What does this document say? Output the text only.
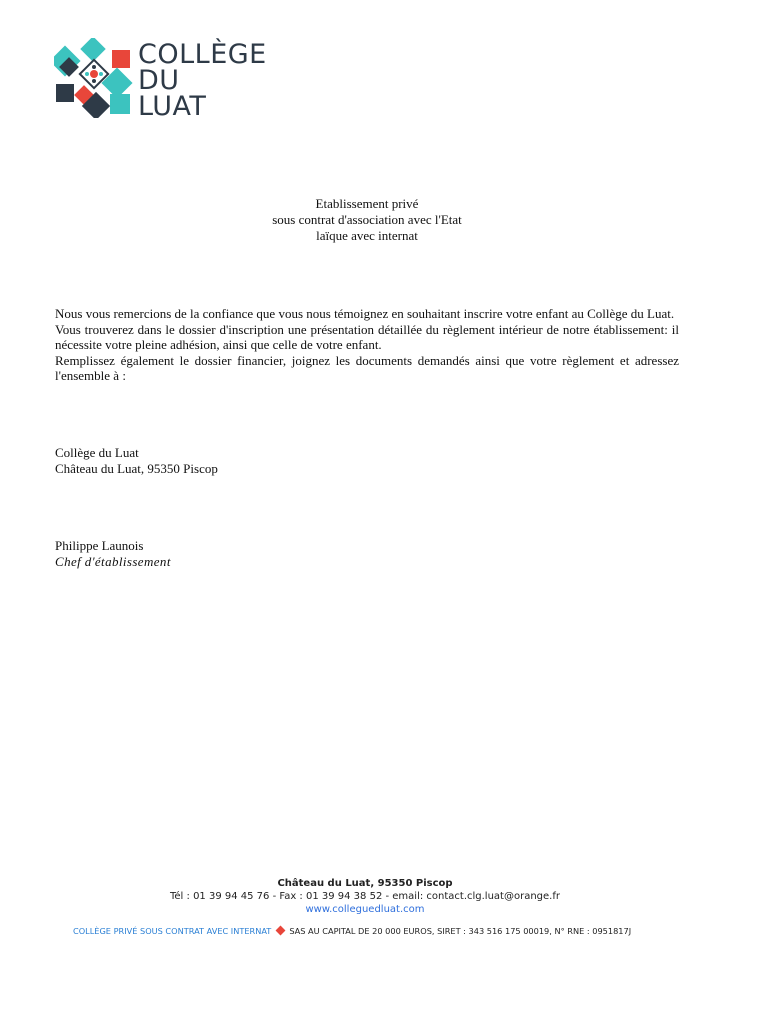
COLLÈGE
DU
LUAT
Etablissement privé
sous contrat d'association avec l'Etat
laïque avec internat

Nous vous remercions de la confiance que vous nous témoignez en souhaitant inscrire votre enfant au Collège du Luat.

Vous trouverez dans le dossier d'inscription une présentation détaillée du règlement intérieur de notre établissement: il nécessite votre pleine adhésion, ainsi que celle de votre enfant.

Remplissez également le dossier financier, joignez les documents demandés ainsi que votre règlement et adressez l'ensemble à :

Collège du Luat
Château du Luat, 95350 Piscop
Philippe Launois
Chef d'établissement
Château du Luat, 95350 Piscop
Tél : 01 39 94 45 76 - Fax : 01 39 94 38 52 - email: contact.clg.luat@orange.fr
www.colleguedluat.com
COLLÈGE PRIVÉ SOUS CONTRAT AVEC INTERNAT SAS AU CAPITAL DE 20 000 EUROS, SIRET : 343 516 175 00019, N° RNE : 0951817J
